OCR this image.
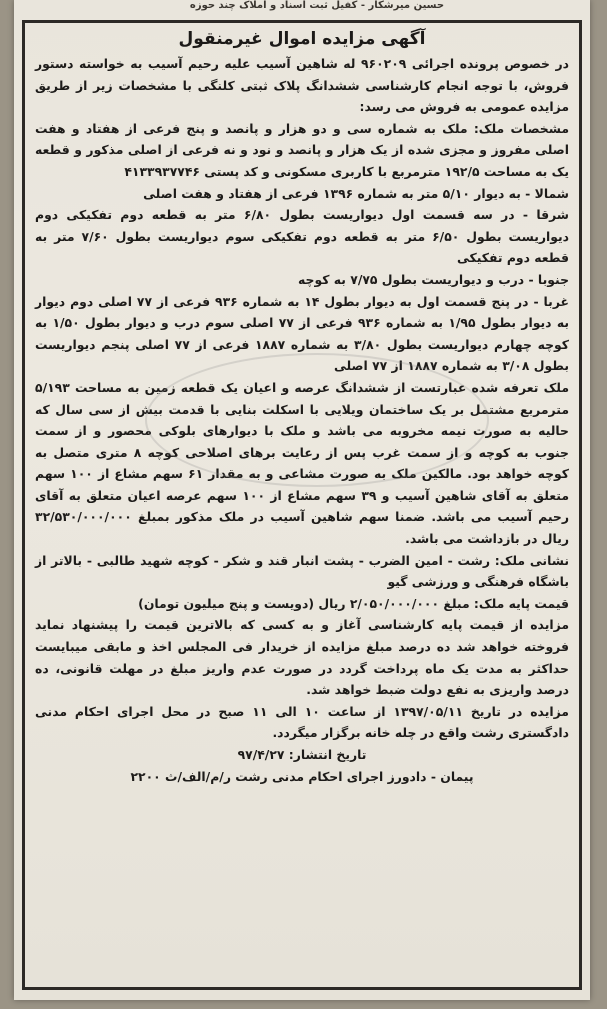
حسین میرشکار - کفیل ثبت اسناد و املاک چند حوزه
آگهی مزایده اموال غیرمنقول

در خصوص پرونده اجرائی ۹۶۰۲۰۹ له شاهین آسیب علیه رحیم آسیب به خواسته دستور فروش، با توجه انجام کارشناسی ششدانگ پلاک ثبتی کلنگی با مشخصات زیر از طریق مزایده عمومی به فروش می رسد:

مشخصات ملک: ملک به شماره سی و دو هزار و پانصد و پنج فرعی از هفتاد و هفت اصلی مفروز و مجزی شده از یک هزار و پانصد و نود و نه فرعی از اصلی مذکور و قطعه یک به مساحت ۱۹۲/۵ مترمربع با کاربری مسکونی و کد پستی ۴۱۳۳۹۳۷۷۴۶

شمالا - به دیوار ۵/۱۰ متر به شماره ۱۳۹۶ فرعی از هفتاد و هفت اصلی

شرقا - در سه قسمت اول دیواریست بطول ۶/۸۰ متر به قطعه دوم تفکیکی دوم دیواریست بطول ۶/۵۰ متر به قطعه دوم تفکیکی سوم دیواریست بطول ۷/۶۰ متر به قطعه دوم تفکیکی

جنوبا - درب و دیواریست بطول ۷/۷۵ به کوچه

غربا - در پنج قسمت اول به دیوار بطول ۱۴ به شماره ۹۳۶ فرعی از ۷۷ اصلی دوم دیوار به دیوار بطول ۱/۹۵ به شماره ۹۳۶ فرعی از ۷۷ اصلی سوم درب و دیوار بطول ۱/۵۰ به کوچه چهارم دیواریست بطول ۳/۸۰ به شماره ۱۸۸۷ فرعی از ۷۷ اصلی پنجم دیواریست بطول ۳/۰۸ به شماره ۱۸۸۷ از ۷۷ اصلی

ملک تعرفه شده عبارتست از ششدانگ عرصه و اعیان یک قطعه زمین به مساحت ۵/۱۹۳ مترمربع مشتمل بر یک ساختمان ویلایی با اسکلت بنایی با قدمت بیش از سی سال که حالیه به صورت نیمه مخروبه می باشد و ملک با دیوارهای بلوکی محصور و از سمت جنوب به کوچه و از سمت غرب پس از رعایت برهای اصلاحی کوچه ۸ متری متصل به کوچه خواهد بود. مالکین ملک به صورت مشاعی و به مقدار ۶۱ سهم مشاع از ۱۰۰ سهم متعلق به آقای شاهین آسیب و ۳۹ سهم مشاع از ۱۰۰ سهم عرصه اعیان متعلق به آقای رحیم آسیب می باشد. ضمنا سهم شاهین آسیب در ملک مذکور بمبلغ ۳۲/۵۳۰/۰۰۰/۰۰۰ ریال در بازداشت می باشد.

نشانی ملک: رشت - امین الضرب - پشت انبار قند و شکر - کوچه شهید طالبی - بالاتر از باشگاه فرهنگی و ورزشی گیو

قیمت پایه ملک: مبلغ ۲/۰۵۰/۰۰۰/۰۰۰ ریال (دویست و پنج میلیون تومان)

مزایده از قیمت پایه کارشناسی آغاز و به کسی که بالاترین قیمت را پیشنهاد نماید فروخته خواهد شد ده درصد مبلغ مزایده از خریدار فی المجلس اخذ و مابقی میبایست حداکثر به مدت یک ماه پرداخت گردد در صورت عدم واریز مبلغ در مهلت قانونی، ده درصد واریزی به نفع دولت ضبط خواهد شد.

مزایده در تاریخ ۱۳۹۷/۰۵/۱۱ از ساعت ۱۰ الی ۱۱ صبح در محل اجرای احکام مدنی دادگستری رشت واقع در چله خانه برگزار میگردد.

تاریخ انتشار: ۹۷/۴/۲۷

پیمان - دادورز اجرای احکام مدنی رشت ر/م/الف/ث ۲۲۰۰
